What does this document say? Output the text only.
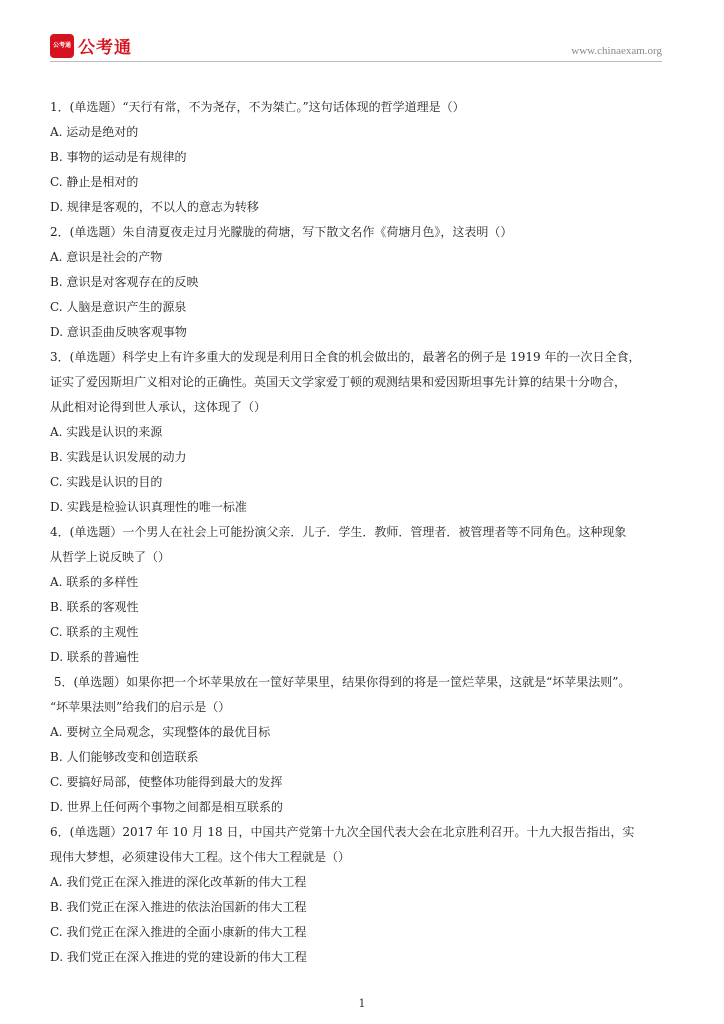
公考通 公考通	www.chinaexam.org

1．(单选题）“天行有常，不为尧存，不为桀亡。”这句话体现的哲学道理是（）

A. 运动是绝对的

B. 事物的运动是有规律的

C. 静止是相对的

D. 规律是客观的，不以人的意志为转移

2．(单选题）朱自清夏夜走过月光朦胧的荷塘，写下散文名作《荷塘月色》，这表明（）

A. 意识是社会的产物

B. 意识是对客观存在的反映

C. 人脑是意识产生的源泉

D. 意识歪曲反映客观事物

3．(单选题）科学史上有许多重大的发现是利用日全食的机会做出的，最著名的例子是 1919 年的一次日全食，

证实了爱因斯坦广义相对论的正确性。英国天文学家爱丁顿的观测结果和爱因斯坦事先计算的结果十分吻合，

从此相对论得到世人承认，这体现了（）

A. 实践是认识的来源

B. 实践是认识发展的动力

C. 实践是认识的目的

D. 实践是检验认识真理性的唯一标准

4．(单选题）一个男人在社会上可能扮演父亲．儿子．学生．教师．管理者．被管理者等不同角色。这种现象

从哲学上说反映了（）

A. 联系的多样性

B. 联系的客观性

C. 联系的主观性

D. 联系的普遍性

5．(单选题）如果你把一个坏苹果放在一筐好苹果里，结果你得到的将是一筐烂苹果，这就是“坏苹果法则”。

“坏苹果法则”给我们的启示是（）

A. 要树立全局观念，实现整体的最优目标

B. 人们能够改变和创造联系

C. 要搞好局部，使整体功能得到最大的发挥

D. 世界上任何两个事物之间都是相互联系的

6．(单选题）2017 年 10 月 18 日，中国共产党第十九次全国代表大会在北京胜利召开。十九大报告指出，实

现伟大梦想，必须建设伟大工程。这个伟大工程就是（）

A. 我们党正在深入推进的深化改革新的伟大工程

B. 我们党正在深入推进的依法治国新的伟大工程

C. 我们党正在深入推进的全面小康新的伟大工程

D. 我们党正在深入推进的党的建设新的伟大工程

1
